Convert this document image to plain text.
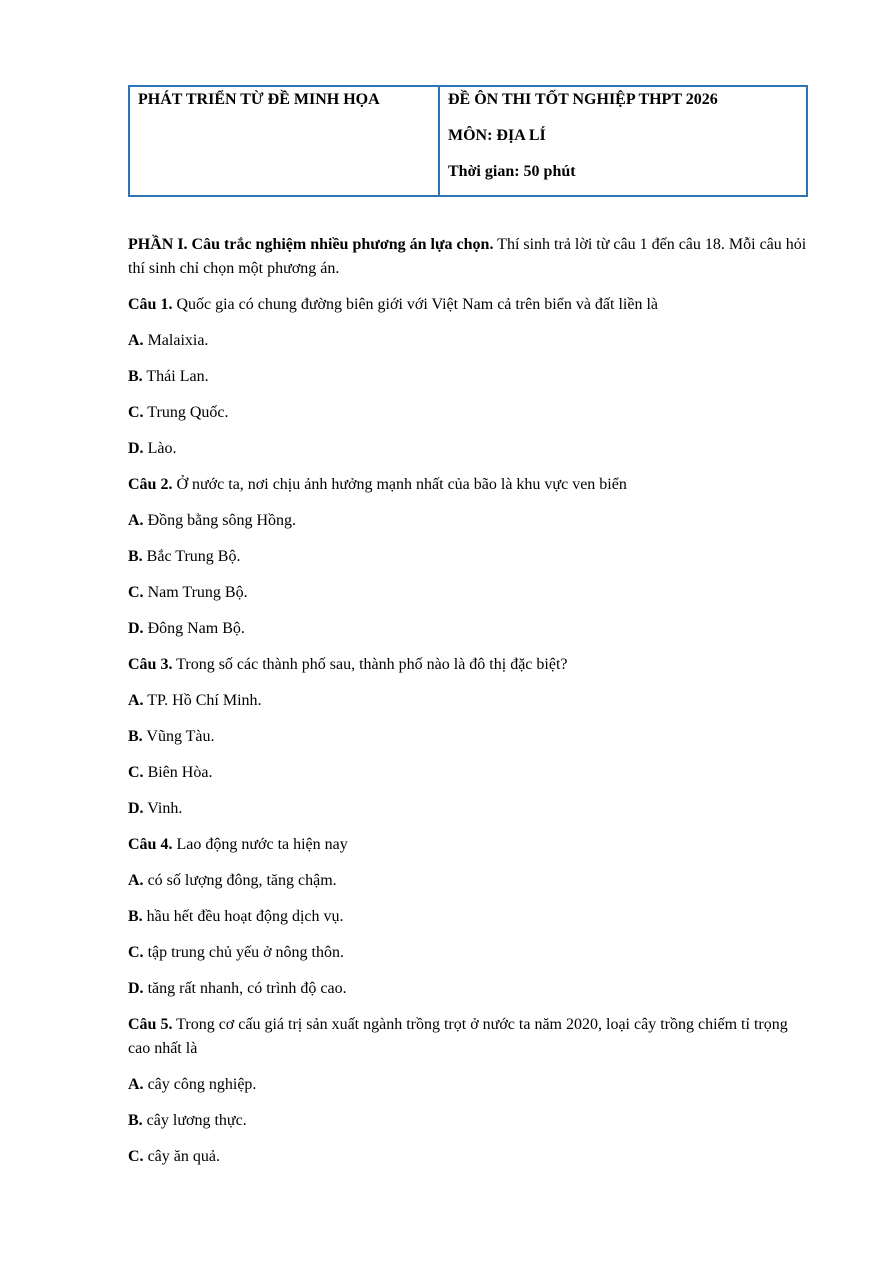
PHÁT TRIỂN TỪ ĐỀ MINH HỌA	ĐỀ ÔN THI TỐT NGHIỆP THPT 2026
MÔN: ĐỊA LÍ
Thời gian: 50 phút

PHẦN I. Câu trắc nghiệm nhiều phương án lựa chọn. Thí sinh trả lời từ câu 1 đến câu 18. Mỗi câu hỏi thí sinh chỉ chọn một phương án.

Câu 1. Quốc gia có chung đường biên giới với Việt Nam cả trên biển và đất liền là

A. Malaixia.

B. Thái Lan.

C. Trung Quốc.

D. Lào.

Câu 2. Ở nước ta, nơi chịu ảnh hưởng mạnh nhất của bão là khu vực ven biển

A. Đồng bằng sông Hồng.

B. Bắc Trung Bộ.

C. Nam Trung Bộ.

D. Đông Nam Bộ.

Câu 3. Trong số các thành phố sau, thành phố nào là đô thị đặc biệt?

A. TP. Hồ Chí Minh.

B. Vũng Tàu.

C. Biên Hòa.

D. Vinh.

Câu 4. Lao động nước ta hiện nay

A. có số lượng đông, tăng chậm.

B. hầu hết đều hoạt động dịch vụ.

C. tập trung chủ yếu ở nông thôn.

D. tăng rất nhanh, có trình độ cao.

Câu 5. Trong cơ cấu giá trị sản xuất ngành trồng trọt ở nước ta năm 2020, loại cây trồng chiếm tỉ trọng cao nhất là

A. cây công nghiệp.

B. cây lương thực.

C. cây ăn quả.
